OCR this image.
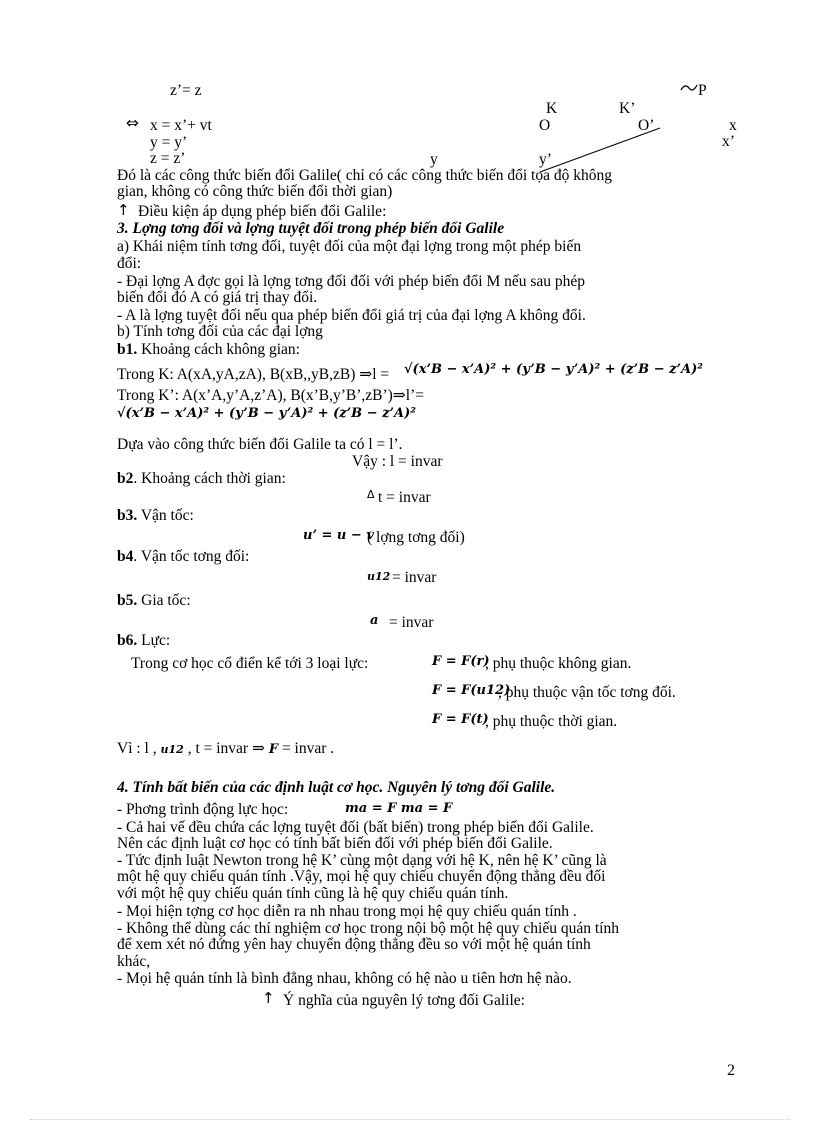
z’= z
⇔ x = x’+ vt
y = y’
z = z’
P
K	K’
O	O’	x
x’
y	y’
Đó là các công thức biến đổi Galile( chỉ có các công thức biến đổi tọa độ không
gian, không có công thức biến đổi thời gian)
↑ Điều kiện áp dụng phép biến đổi Galile:
3. Lợng tơng đối và lợng tuyệt đối trong phép biến đổi Galile
a) Khái niệm tính tơng đối, tuyệt đối của một đại lợng trong một phép biến
đổi:
- Đại lợng A đợc gọi là lợng tơng đối đối với phép biến đổi M nếu sau phép
biến đổi đó A có giá trị thay đổi.
- A là lợng tuyệt đối nếu qua phép biến đổi giá trị của đại lợng A không đổi.
b) Tính tơng đối của các đại lợng
b1. Khoảng cách không gian:
Trong K: A(xA,yA,zA), B(xB,,yB,zB) ⇒l = √(x’B − x’A)² + (y’B − y’A)² + (z’B − z’A)²
Trong K’: A(x’A,y’A,z’A), B(x’B,y’B’,zB’)⇒l’=
√(x’B − x’A)² + (y’B − y’A)² + (z’B − z’A)²
Dựa vào công thức biến đổi Galile ta có l = l’.
Vậy : l = invar
b2. Khoảng cách thời gian:
Δ t = invar
b3. Vận tốc:
u’ = u − v
( lợng tơng đối)
b4. Vận tốc tơng đối:
u12 = invar
b5. Gia tốc:
a = invar
b6. Lực:
Trong cơ học cổ điển kể tới 3 loại lực:	F = F(r)
, phụ thuộc không gian.
F = F(u12)
, phụ thuộc vận tốc tơng đối.
F = F(t)
, phụ thuộc thời gian.
Vì : l , u12 , t = invar ⇒ F = invar .
4. Tính bất biến của các định luật cơ học. Nguyên lý tơng đối Galile.
- Phơng trình động lực học:	ma = F ma = F
- Cả hai vế đều chứa các lợng tuyệt đối (bất biến) trong phép biến đổi Galile.
Nên các định luật cơ học có tính bất biến đối với phép biến đổi Galile.
- Tức định luật Newton trong hệ K’ cùng một dạng với hệ K, nên hệ K’ cũng là
một hệ quy chiếu quán tính .Vậy, mọi hệ quy chiếu chuyển động thẳng đều đối
với một hệ quy chiếu quán tính cũng là hệ quy chiếu quán tính.
- Mọi hiện tợng cơ học diễn ra nh nhau trong mọi hệ quy chiếu quán tính .
- Không thể dùng các thí nghiệm cơ học trong nội bộ một hệ quy chiếu quán tính
để xem xét nó đứng yên hay chuyển động thẳng đều so với một hệ quán tính
khác,
- Mọi hệ quán tính là bình đẳng nhau, không có hệ nào u tiên hơn hệ nào.
↑ Ý nghĩa của nguyên lý tơng đối Galile:
2
